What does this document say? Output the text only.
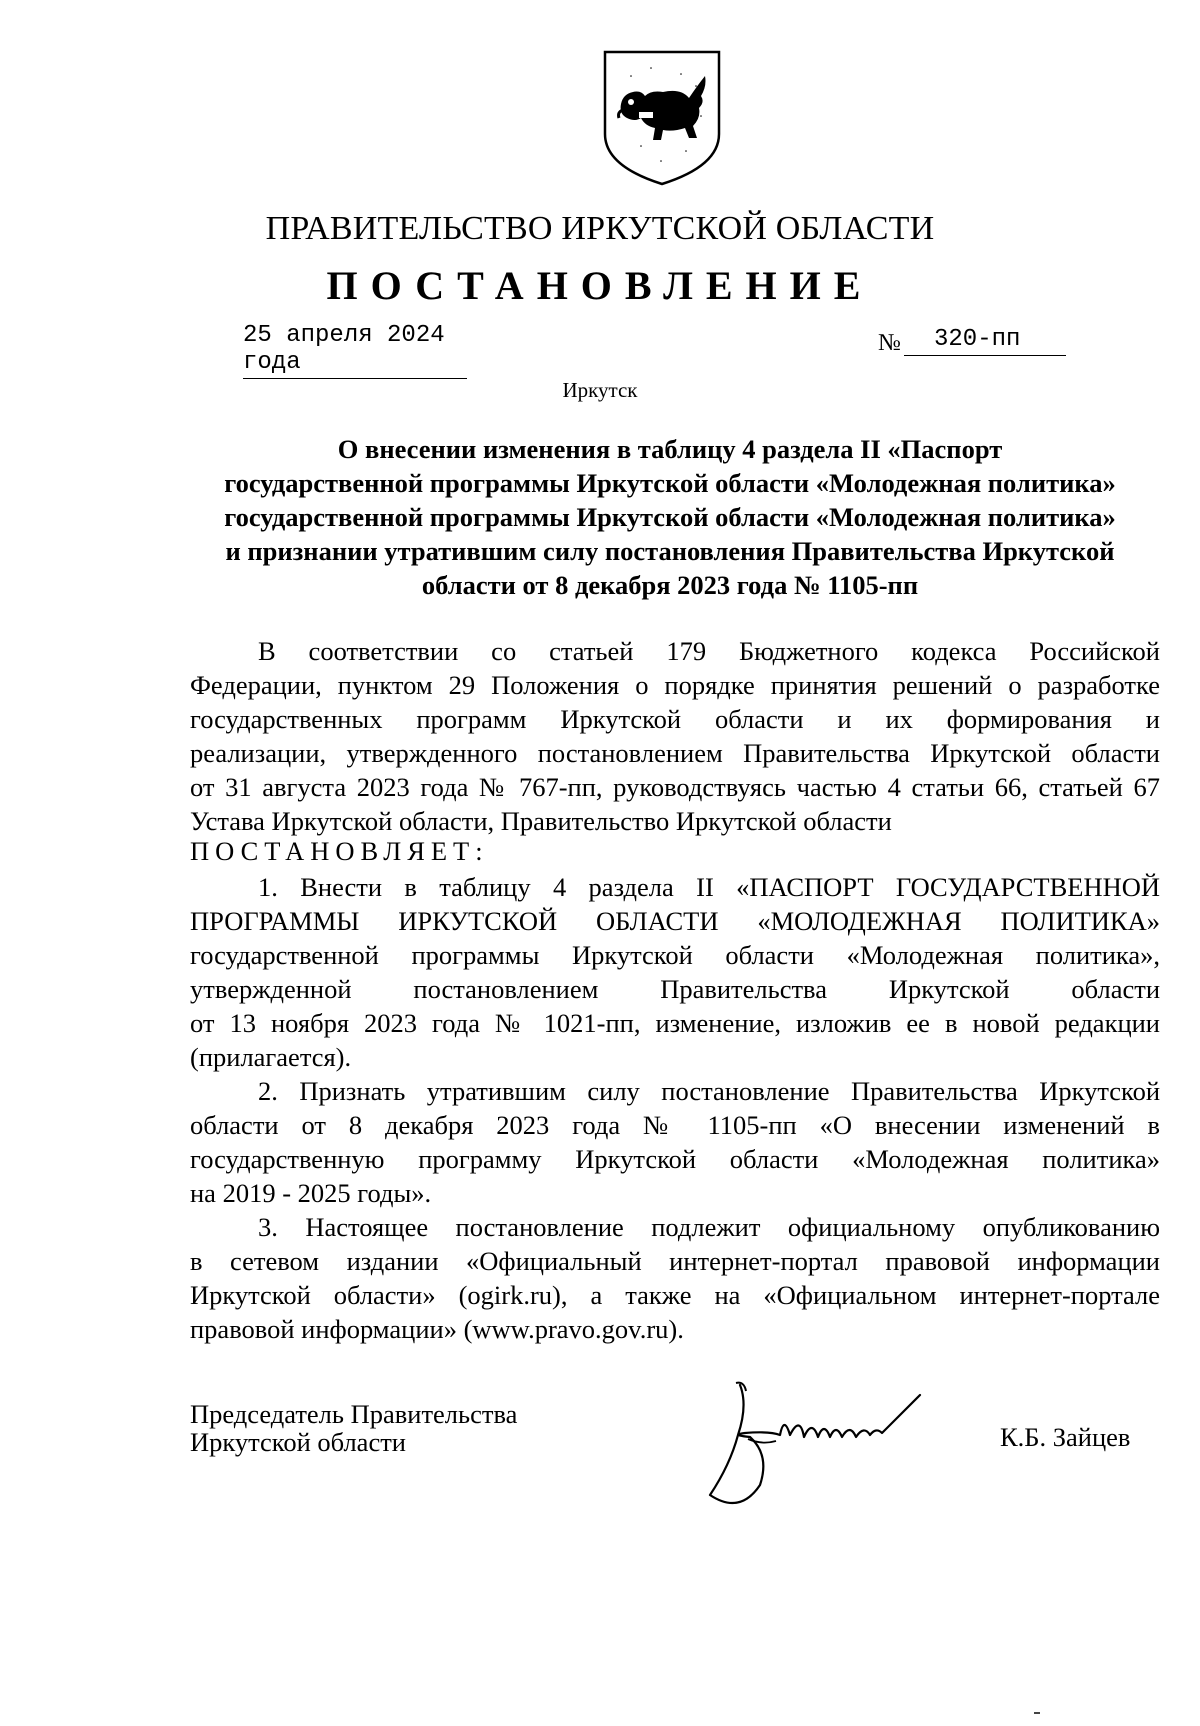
ПРАВИТЕЛЬСТВО ИРКУТСКОЙ ОБЛАСТИ
ПОСТАНОВЛЕНИЕ
25 апреля 2024 года
№	320-пп
Иркутск
О внесении изменения в таблицу 4 раздела II «Паспорт
государственной программы Иркутской области «Молодежная политика»
государственной программы Иркутской области «Молодежная политика»
и признании утратившим силу постановления Правительства Иркутской
области от 8 декабря 2023 года № 1105-пп
В соответствии со статьей 179 Бюджетного кодекса Российской
Федерации, пунктом 29 Положения о порядке принятия решений о разработке
государственных программ Иркутской области и их формирования и
реализации, утвержденного постановлением Правительства Иркутской области
от 31 августа 2023 года № 767-пп, руководствуясь частью 4 статьи 66, статьей 67
Устава Иркутской области, Правительство Иркутской области
ПОСТАНОВЛЯЕТ:
1. Внести в таблицу 4 раздела II «ПАСПОРТ ГОСУДАРСТВЕННОЙ
ПРОГРАММЫ ИРКУТСКОЙ ОБЛАСТИ «МОЛОДЕЖНАЯ ПОЛИТИКА»
государственной программы Иркутской области «Молодежная политика»,
утвержденной постановлением Правительства Иркутской области
от 13 ноября 2023 года № 1021-пп, изменение, изложив ее в новой редакции
(прилагается).
2. Признать утратившим силу постановление Правительства Иркутской
области от 8 декабря 2023 года № 1105-пп «О внесении изменений в
государственную программу Иркутской области «Молодежная политика»
на 2019 - 2025 годы».
3. Настоящее постановление подлежит официальному опубликованию
в сетевом издании «Официальный интернет-портал правовой информации
Иркутской области» (ogirk.ru), а также на «Официальном интернет-портале
правовой информации» (www.pravo.gov.ru).
Председатель Правительства
Иркутской области	К.Б. Зайцев
